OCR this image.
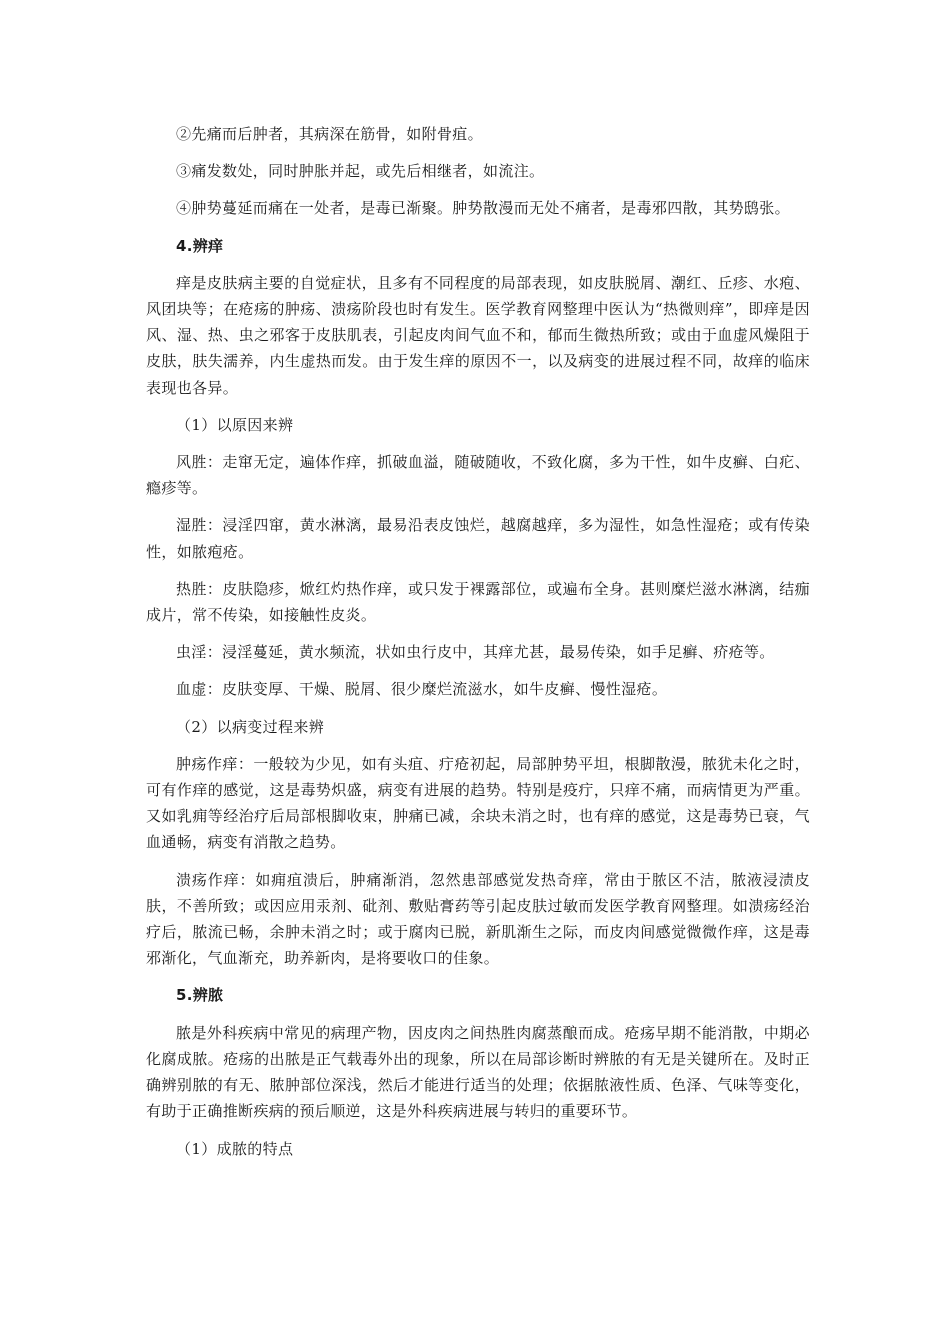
②先痛而后肿者，其病深在筋骨，如附骨疽。

③痛发数处，同时肿胀并起，或先后相继者，如流注。

④肿势蔓延而痛在一处者，是毒已渐聚。肿势散漫而无处不痛者，是毒邪四散，其势鸱张。

4.辨痒

痒是皮肤病主要的自觉症状，且多有不同程度的局部表现，如皮肤脱屑、潮红、丘疹、水疱、风团块等；在疮疡的肿疡、溃疡阶段也时有发生。医学教育网整理中医认为“热微则痒”，即痒是因风、湿、热、虫之邪客于皮肤肌表，引起皮肉间气血不和，郁而生微热所致；或由于血虚风燥阻于皮肤，肤失濡养，内生虚热而发。由于发生痒的原因不一，以及病变的进展过程不同，故痒的临床表现也各异。

（1）以原因来辨

风胜：走窜无定，遍体作痒，抓破血溢，随破随收，不致化腐，多为干性，如牛皮癣、白疕、瘾疹等。

湿胜：浸淫四窜，黄水淋漓，最易沿表皮蚀烂，越腐越痒，多为湿性，如急性湿疮；或有传染性，如脓疱疮。

热胜：皮肤隐疹，焮红灼热作痒，或只发于裸露部位，或遍布全身。甚则糜烂滋水淋漓，结痂成片，常不传染，如接触性皮炎。

虫淫：浸淫蔓延，黄水频流，状如虫行皮中，其痒尤甚，最易传染，如手足癣、疥疮等。

血虚：皮肤变厚、干燥、脱屑、很少糜烂流滋水，如牛皮癣、慢性湿疮。

（2）以病变过程来辨

肿疡作痒：一般较为少见，如有头疽、疔疮初起，局部肿势平坦，根脚散漫，脓犹未化之时，可有作痒的感觉，这是毒势炽盛，病变有进展的趋势。特别是疫疔，只痒不痛，而病情更为严重。又如乳痈等经治疗后局部根脚收束，肿痛已减，余块未消之时，也有痒的感觉，这是毒势已衰，气血通畅，病变有消散之趋势。

溃疡作痒：如痈疽溃后，肿痛渐消，忽然患部感觉发热奇痒，常由于脓区不洁，脓液浸渍皮肤，不善所致；或因应用汞剂、砒剂、敷贴膏药等引起皮肤过敏而发医学教育网整理。如溃疡经治疗后，脓流已畅，余肿未消之时；或于腐肉已脱，新肌渐生之际，而皮肉间感觉微微作痒，这是毒邪渐化，气血渐充，助养新肉，是将要收口的佳象。

5.辨脓

脓是外科疾病中常见的病理产物，因皮肉之间热胜肉腐蒸酿而成。疮疡早期不能消散，中期必化腐成脓。疮疡的出脓是正气载毒外出的现象，所以在局部诊断时辨脓的有无是关键所在。及时正确辨别脓的有无、脓肿部位深浅，然后才能进行适当的处理；依据脓液性质、色泽、气味等变化，有助于正确推断疾病的预后顺逆，这是外科疾病进展与转归的重要环节。

（1）成脓的特点
